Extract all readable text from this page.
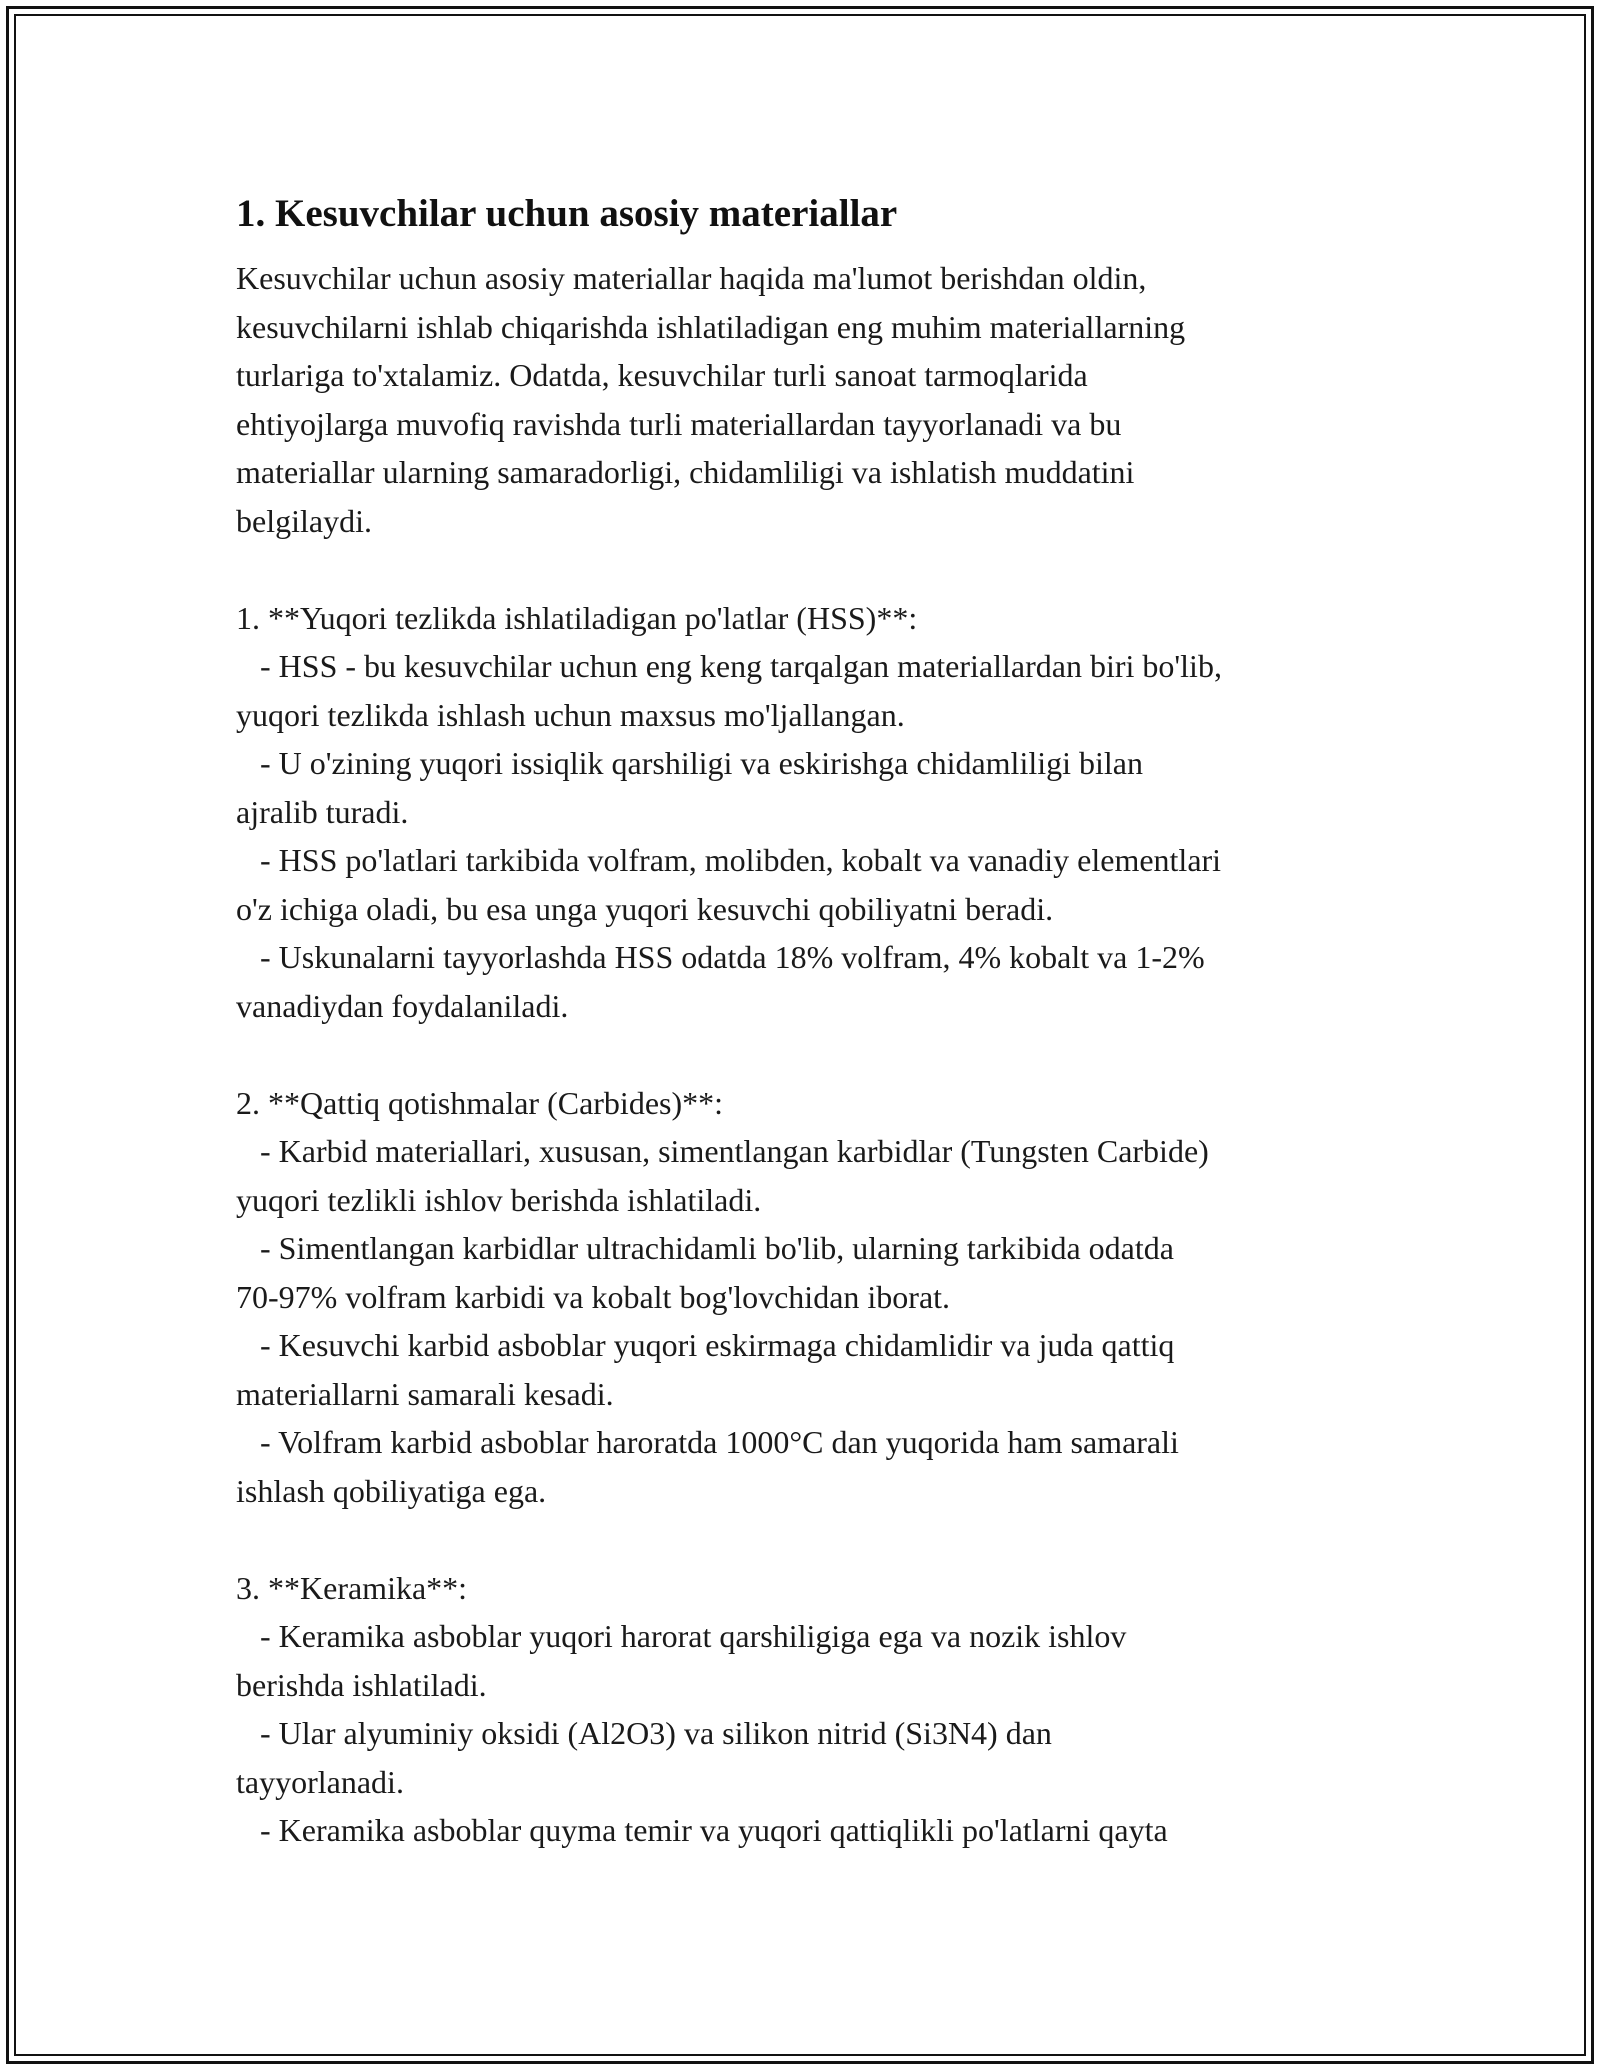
1. Kesuvchilar uchun asosiy materiallar
Kesuvchilar uchun asosiy materiallar haqida ma'lumot berishdan oldin,
kesuvchilarni ishlab chiqarishda ishlatiladigan eng muhim materiallarning
turlariga to'xtalamiz. Odatda, kesuvchilar turli sanoat tarmoqlarida
ehtiyojlarga muvofiq ravishda turli materiallardan tayyorlanadi va bu
materiallar ularning samaradorligi, chidamliligi va ishlatish muddatini
belgilaydi.
1. **Yuqori tezlikda ishlatiladigan po'latlar (HSS)**:
- HSS - bu kesuvchilar uchun eng keng tarqalgan materiallardan biri bo'lib,
yuqori tezlikda ishlash uchun maxsus mo'ljallangan.
- U o'zining yuqori issiqlik qarshiligi va eskirishga chidamliligi bilan
ajralib turadi.
- HSS po'latlari tarkibida volfram, molibden, kobalt va vanadiy elementlari
o'z ichiga oladi, bu esa unga yuqori kesuvchi qobiliyatni beradi.
- Uskunalarni tayyorlashda HSS odatda 18% volfram, 4% kobalt va 1-2%
vanadiydan foydalaniladi.
2. **Qattiq qotishmalar (Carbides)**:
- Karbid materiallari, xususan, simentlangan karbidlar (Tungsten Carbide)
yuqori tezlikli ishlov berishda ishlatiladi.
- Simentlangan karbidlar ultrachidamli bo'lib, ularning tarkibida odatda
70-97% volfram karbidi va kobalt bog'lovchidan iborat.
- Kesuvchi karbid asboblar yuqori eskirmaga chidamlidir va juda qattiq
materiallarni samarali kesadi.
- Volfram karbid asboblar haroratda 1000°C dan yuqorida ham samarali
ishlash qobiliyatiga ega.
3. **Keramika**:
- Keramika asboblar yuqori harorat qarshiligiga ega va nozik ishlov
berishda ishlatiladi.
- Ular alyuminiy oksidi (Al2O3) va silikon nitrid (Si3N4) dan
tayyorlanadi.
- Keramika asboblar quyma temir va yuqori qattiqlikli po'latlarni qayta
